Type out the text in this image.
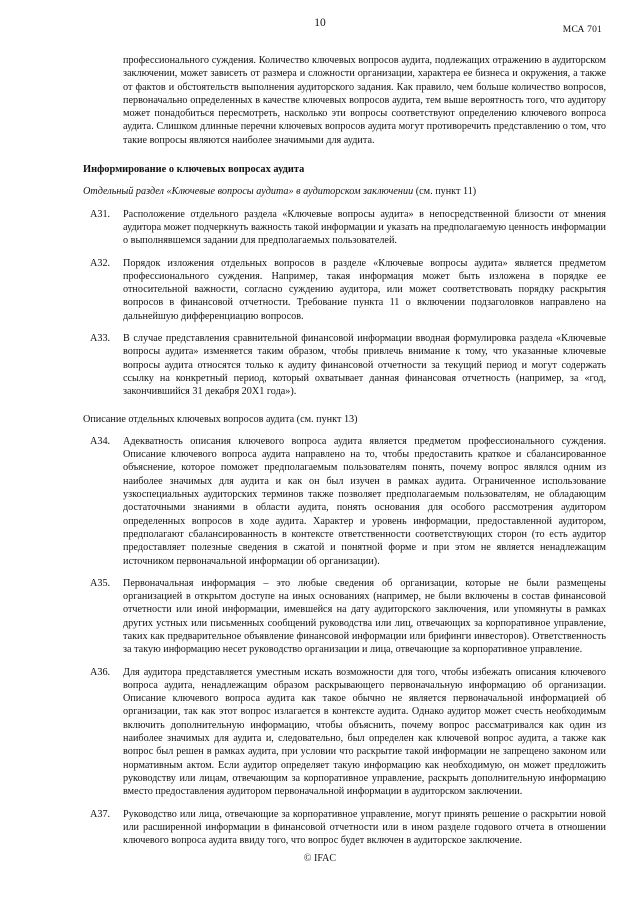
10
МСА 701

профессионального суждения. Количество ключевых вопросов аудита, подлежащих отражению в аудиторском заключении, может зависеть от размера и сложности организации, характера ее бизнеса и окружения, а также от фактов и обстоятельств выполнения аудиторского задания. Как правило, чем больше количество вопросов, первоначально определенных в качестве ключевых вопросов аудита, тем выше вероятность того, что аудитору может понадобиться пересмотреть, насколько эти вопросы соответствуют определению ключевого вопроса аудита. Слишком длинные перечни ключевых вопросов аудита могут противоречить представлению о том, что такие вопросы являются наиболее значимыми для аудита.

Информирование о ключевых вопросах аудита

Отдельный раздел «Ключевые вопросы аудита» в аудиторском заключении (см. пункт 11)

A31.	Расположение отдельного раздела «Ключевые вопросы аудита» в непосредственной близости от мнения аудитора может подчеркнуть важность такой информации и указать на предполагаемую ценность информации о выполнявшемся задании для предполагаемых пользователей.
A32.	Порядок изложения отдельных вопросов в разделе «Ключевые вопросы аудита» является предметом профессионального суждения. Например, такая информация может быть изложена в порядке ее относительной важности, согласно суждению аудитора, или может соответствовать порядку раскрытия вопросов в финансовой отчетности. Требование пункта 11 о включении подзаголовков направлено на дальнейшую дифференциацию вопросов.
A33.	В случае представления сравнительной финансовой информации вводная формулировка раздела «Ключевые вопросы аудита» изменяется таким образом, чтобы привлечь внимание к тому, что указанные ключевые вопросы аудита относятся только к аудиту финансовой отчетности за текущий период и могут содержать ссылку на конкретный период, который охватывает данная финансовая отчетность (например, за «год, закончившийся 31 декабря 20X1 года»).

Описание отдельных ключевых вопросов аудита (см. пункт 13)

A34.	Адекватность описания ключевого вопроса аудита является предметом профессионального суждения. Описание ключевого вопроса аудита направлено на то, чтобы предоставить краткое и сбалансированное объяснение, которое поможет предполагаемым пользователям понять, почему вопрос являлся одним из наиболее значимых для аудита и как он был изучен в рамках аудита. Ограниченное использование узкоспециальных аудиторских терминов также позволяет предполагаемым пользователям, не обладающим достаточными знаниями в области аудита, понять основания для особого рассмотрения аудитором определенных вопросов в ходе аудита. Характер и уровень информации, предоставленной аудитором, предполагают сбалансированность в контексте ответственности соответствующих сторон (то есть аудитор предоставляет полезные сведения в сжатой и понятной форме и при этом не является ненадлежащим источником первоначальной информации об организации).
A35.	Первоначальная информация – это любые сведения об организации, которые не были размещены организацией в открытом доступе на иных основаниях (например, не были включены в состав финансовой отчетности или иной информации, имевшейся на дату аудиторского заключения, или упомянуты в рамках других устных или письменных сообщений руководства или лиц, отвечающих за корпоративное управление, таких как предварительное объявление финансовой информации или брифинги инвесторов). Ответственность за такую информацию несет руководство организации и лица, отвечающие за корпоративное управление.
A36.	Для аудитора представляется уместным искать возможности для того, чтобы избежать описания ключевого вопроса аудита, ненадлежащим образом раскрывающего первоначальную информацию об организации. Описание ключевого вопроса аудита как такое обычно не является первоначальной информацией об организации, так как этот вопрос излагается в контексте аудита. Однако аудитор может счесть необходимым включить дополнительную информацию, чтобы объяснить, почему вопрос рассматривался как один из наиболее значимых для аудита и, следовательно, был определен как ключевой вопрос аудита, а также как вопрос был решен в рамках аудита, при условии что раскрытие такой информации не запрещено законом или нормативным актом. Если аудитор определяет такую информацию как необходимую, он может предложить руководству или лицам, отвечающим за корпоративное управление, раскрыть дополнительную информацию вместо предоставления аудитором первоначальной информации в аудиторском заключении.
A37.	Руководство или лица, отвечающие за корпоративное управление, могут принять решение о раскрытии новой или расширенной информации в финансовой отчетности или в ином разделе годового отчета в отношении ключевого вопроса аудита ввиду того, что вопрос будет включен в аудиторское заключение.
© IFAC
